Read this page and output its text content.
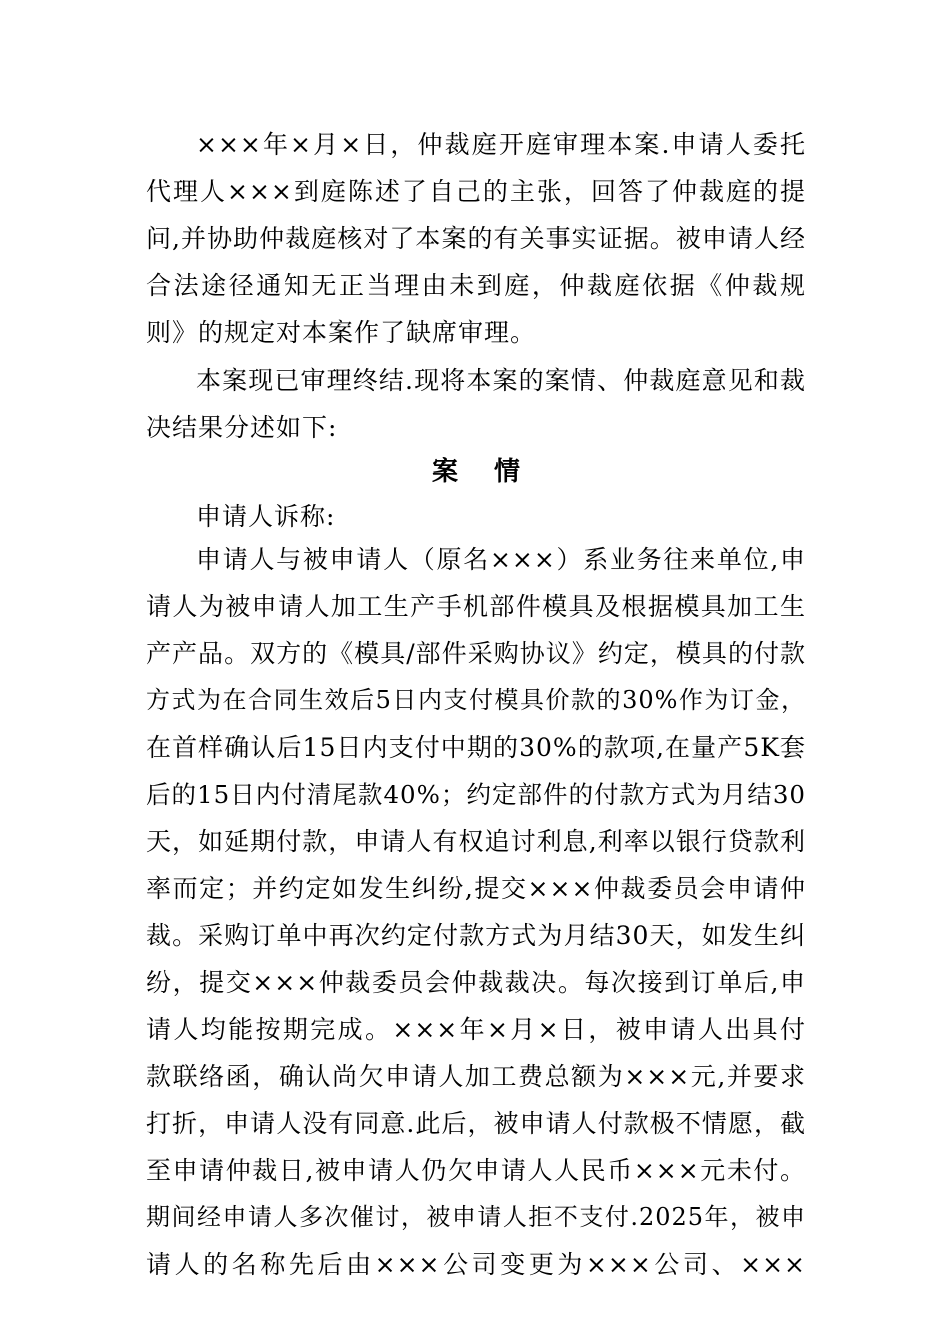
×××年×月×日，仲裁庭开庭审理本案.申请人委托
代理人×××到庭陈述了自己的主张，回答了仲裁庭的提
问,并协助仲裁庭核对了本案的有关事实证据。被申请人经
合法途径通知无正当理由未到庭，仲裁庭依据《仲裁规
则》的规定对本案作了缺席审理。
本案现已审理终结.现将本案的案情、仲裁庭意见和裁
决结果分述如下:
案情
申请人诉称:
申请人与被申请人（原名×××）系业务往来单位,申
请人为被申请人加工生产手机部件模具及根据模具加工生
产产品。双方的《模具/部件采购协议》约定，模具的付款
方式为在合同生效后5日内支付模具价款的30%作为订金，
在首样确认后15日内支付中期的30%的款项,在量产5K套
后的15日内付清尾款40%；约定部件的付款方式为月结30
天，如延期付款，申请人有权追讨利息,利率以银行贷款利
率而定；并约定如发生纠纷,提交×××仲裁委员会申请仲
裁。采购订单中再次约定付款方式为月结30天，如发生纠
纷，提交×××仲裁委员会仲裁裁决。每次接到订单后,申
请人均能按期完成。×××年×月×日，被申请人出具付
款联络函，确认尚欠申请人加工费总额为×××元,并要求
打折，申请人没有同意.此后，被申请人付款极不情愿，截
至申请仲裁日,被申请人仍欠申请人人民币×××元未付。
期间经申请人多次催讨，被申请人拒不支付.2025年，被申
请人的名称先后由×××公司变更为×××公司、×××
